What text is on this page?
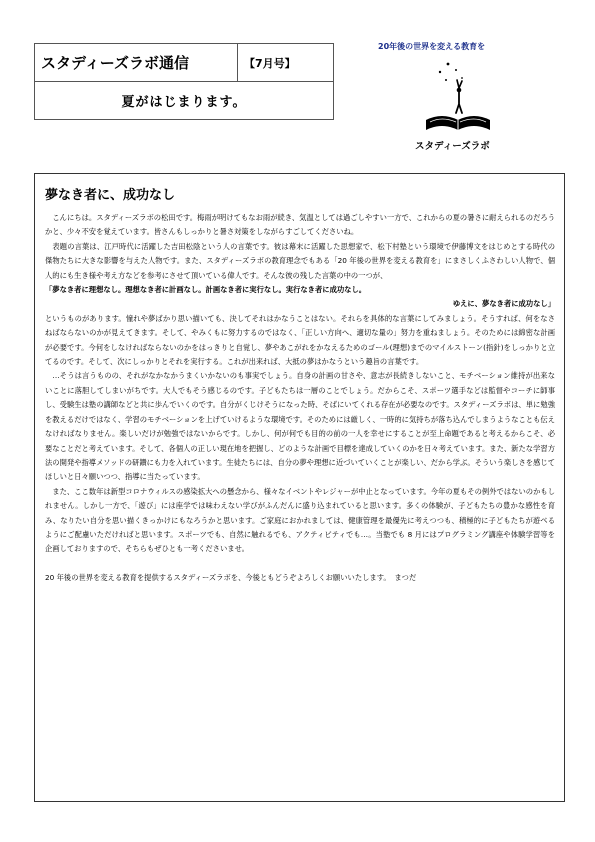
スタディーズラボ通信	【7月号】
夏がはじまります。
20年後の世界を変える教育を
スタディーズラボ
夢なき者に、成功なし

　こんにちは。スタディーズラボの松田です。梅雨が明けてもなお雨が続き、気温としては過ごしやすい一方で、これからの夏の暑さに耐えられるのだろうかと、少々不安を覚えています。皆さんもしっかりと暑さ対策をしながらすごしてくださいね。

　表題の言葉は、江戸時代に活躍した吉田松陰という人の言葉です。彼は幕末に活躍した思想家で、松下村塾という環境で伊藤博文をはじめとする時代の傑物たちに大きな影響を与えた人物です。また、スタディーズラボの教育理念でもある「20 年後の世界を変える教育を」にまさしくふさわしい人物で、個人的にも生き様や考え方などを参考にさせて頂いている偉人です。そんな彼の残した言葉の中の一つが、

「夢なき者に理想なし。理想なき者に計画なし。計画なき者に実行なし。実行なき者に成功なし。

ゆえに、夢なき者に成功なし」

というものがあります。憧れや夢ばかり思い描いても、決してそれはかなうことはない。それらを具体的な言葉にしてみましょう。そうすれば、何をなさねばならないのかが見えてきます。そして、やみくもに努力するのではなく、「正しい方向へ、適切な量の」努力を重ねましょう。そのためには綿密な計画が必要です。今何をしなければならないのかをはっきりと自覚し、夢やあこがれをかなえるためのゴール(理想)までのマイルストーン(指針)をしっかりと立てるのです。そして、次にしっかりとそれを実行する。これが出来れば、大抵の夢はかなうという趣旨の言葉です。

　…そうは言うものの、それがなかなかうまくいかないのも事実でしょう。自身の計画の甘さや、意志が長続きしないこと、モチベーション維持が出来ないことに落胆してしまいがちです。大人でもそう感じるのです。子どもたちは一層のことでしょう。だからこそ、スポーツ選手などは監督やコーチに師事し、受験生は塾の講師などと共に歩んでいくのです。自分がくじけそうになった時、そばにいてくれる存在が必要なのです。スタディーズラボは、単に勉強を教えるだけではなく、学習のモチベーションを上げていけるような環境です。そのためには厳しく、一時的に気持ちが落ち込んでしまうようなことも伝えなければなりません。楽しいだけが勉強ではないからです。しかし、何が何でも目的の前の一人を幸せにすることが至上命題であると考えるからこそ、必要なことだと考えています。そして、各個人の正しい現在地を把握し、どのような計画で目標を達成していくのかを日々考えています。また、新たな学習方法の開発や指導メソッドの研鑽にも力を入れています。生徒たちには、自分の夢や理想に近づいていくことが楽しい、だから学ぶ。そういう楽しさを感じてほしいと日々願いつつ、指導に当たっています。

　また、ここ数年は新型コロナウィルスの感染拡大への懸念から、様々なイベントやレジャーが中止となっています。今年の夏もその例外ではないのかもしれません。しかし一方で、「遊び」には座学では味わえない学びがふんだんに盛り込まれていると思います。多くの体験が、子どもたちの豊かな感性を育み、なりたい自分を思い描くきっかけにもなろうかと思います。ご家庭におかれましては、健康管理を最優先に考えつつも、積極的に子どもたちが遊べるようにご配慮いただければと思います。スポーツでも、自然に触れるでも、アクティビティでも…。当塾でも 8 月にはプログラミング講座や体験学習等を企画しておりますので、そちらもぜひとも一考くださいませ。

20 年後の世界を変える教育を提供するスタディーズラボを、今後ともどうぞよろしくお願いいたします。　まつだ
